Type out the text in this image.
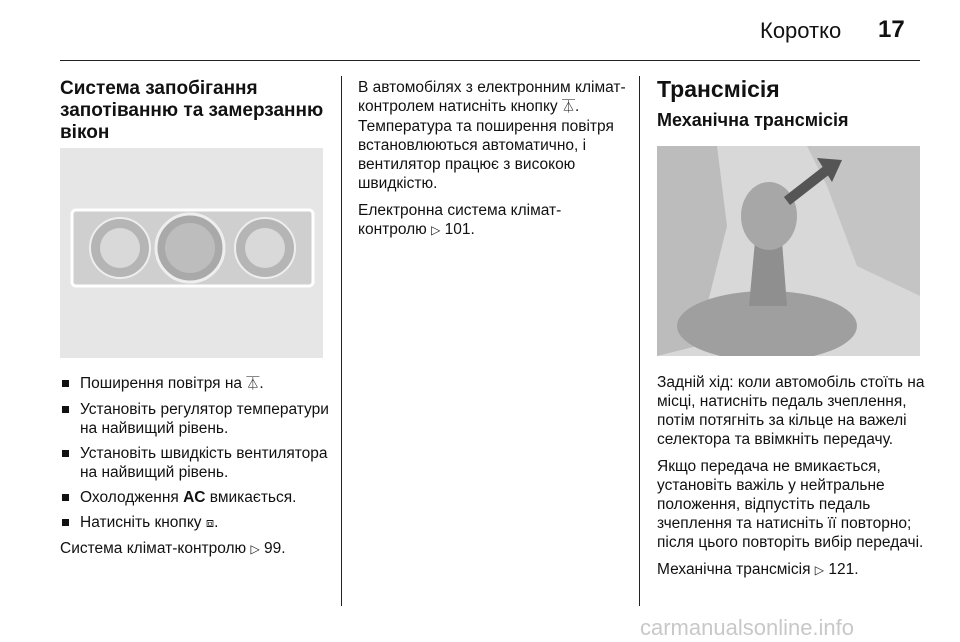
Коротко 17
Система запобігання запотіванню та замерзанню вікон
Поширення повітря на ⏄.
Установіть регулятор температури на найвищий рівень.
Установіть швидкість вентилятора на найвищий рівень.
Охолодження AC вмикається.
Натисніть кнопку ⧈.

Система клімат-контролю ▷ 99.

В автомобілях з електронним клімат-контролем натисніть кнопку ⏄. Температура та поширення повітря встановлюються автоматично, і вентилятор працює з високою швидкістю.

Електронна система клімат-контролю ▷ 101.

Трансмісія
Механічна трансмісія

Задній хід: коли автомобіль стоїть на місці, натисніть педаль зчеплення, потім потягніть за кільце на важелі селектора та ввімкніть передачу.

Якщо передача не вмикається, установіть важіль у нейтральне положення, відпустіть педаль зчеплення та натисніть її повторно; після цього повторіть вибір передачі.

Механічна трансмісія ▷ 121.

carmanualsonline.info
